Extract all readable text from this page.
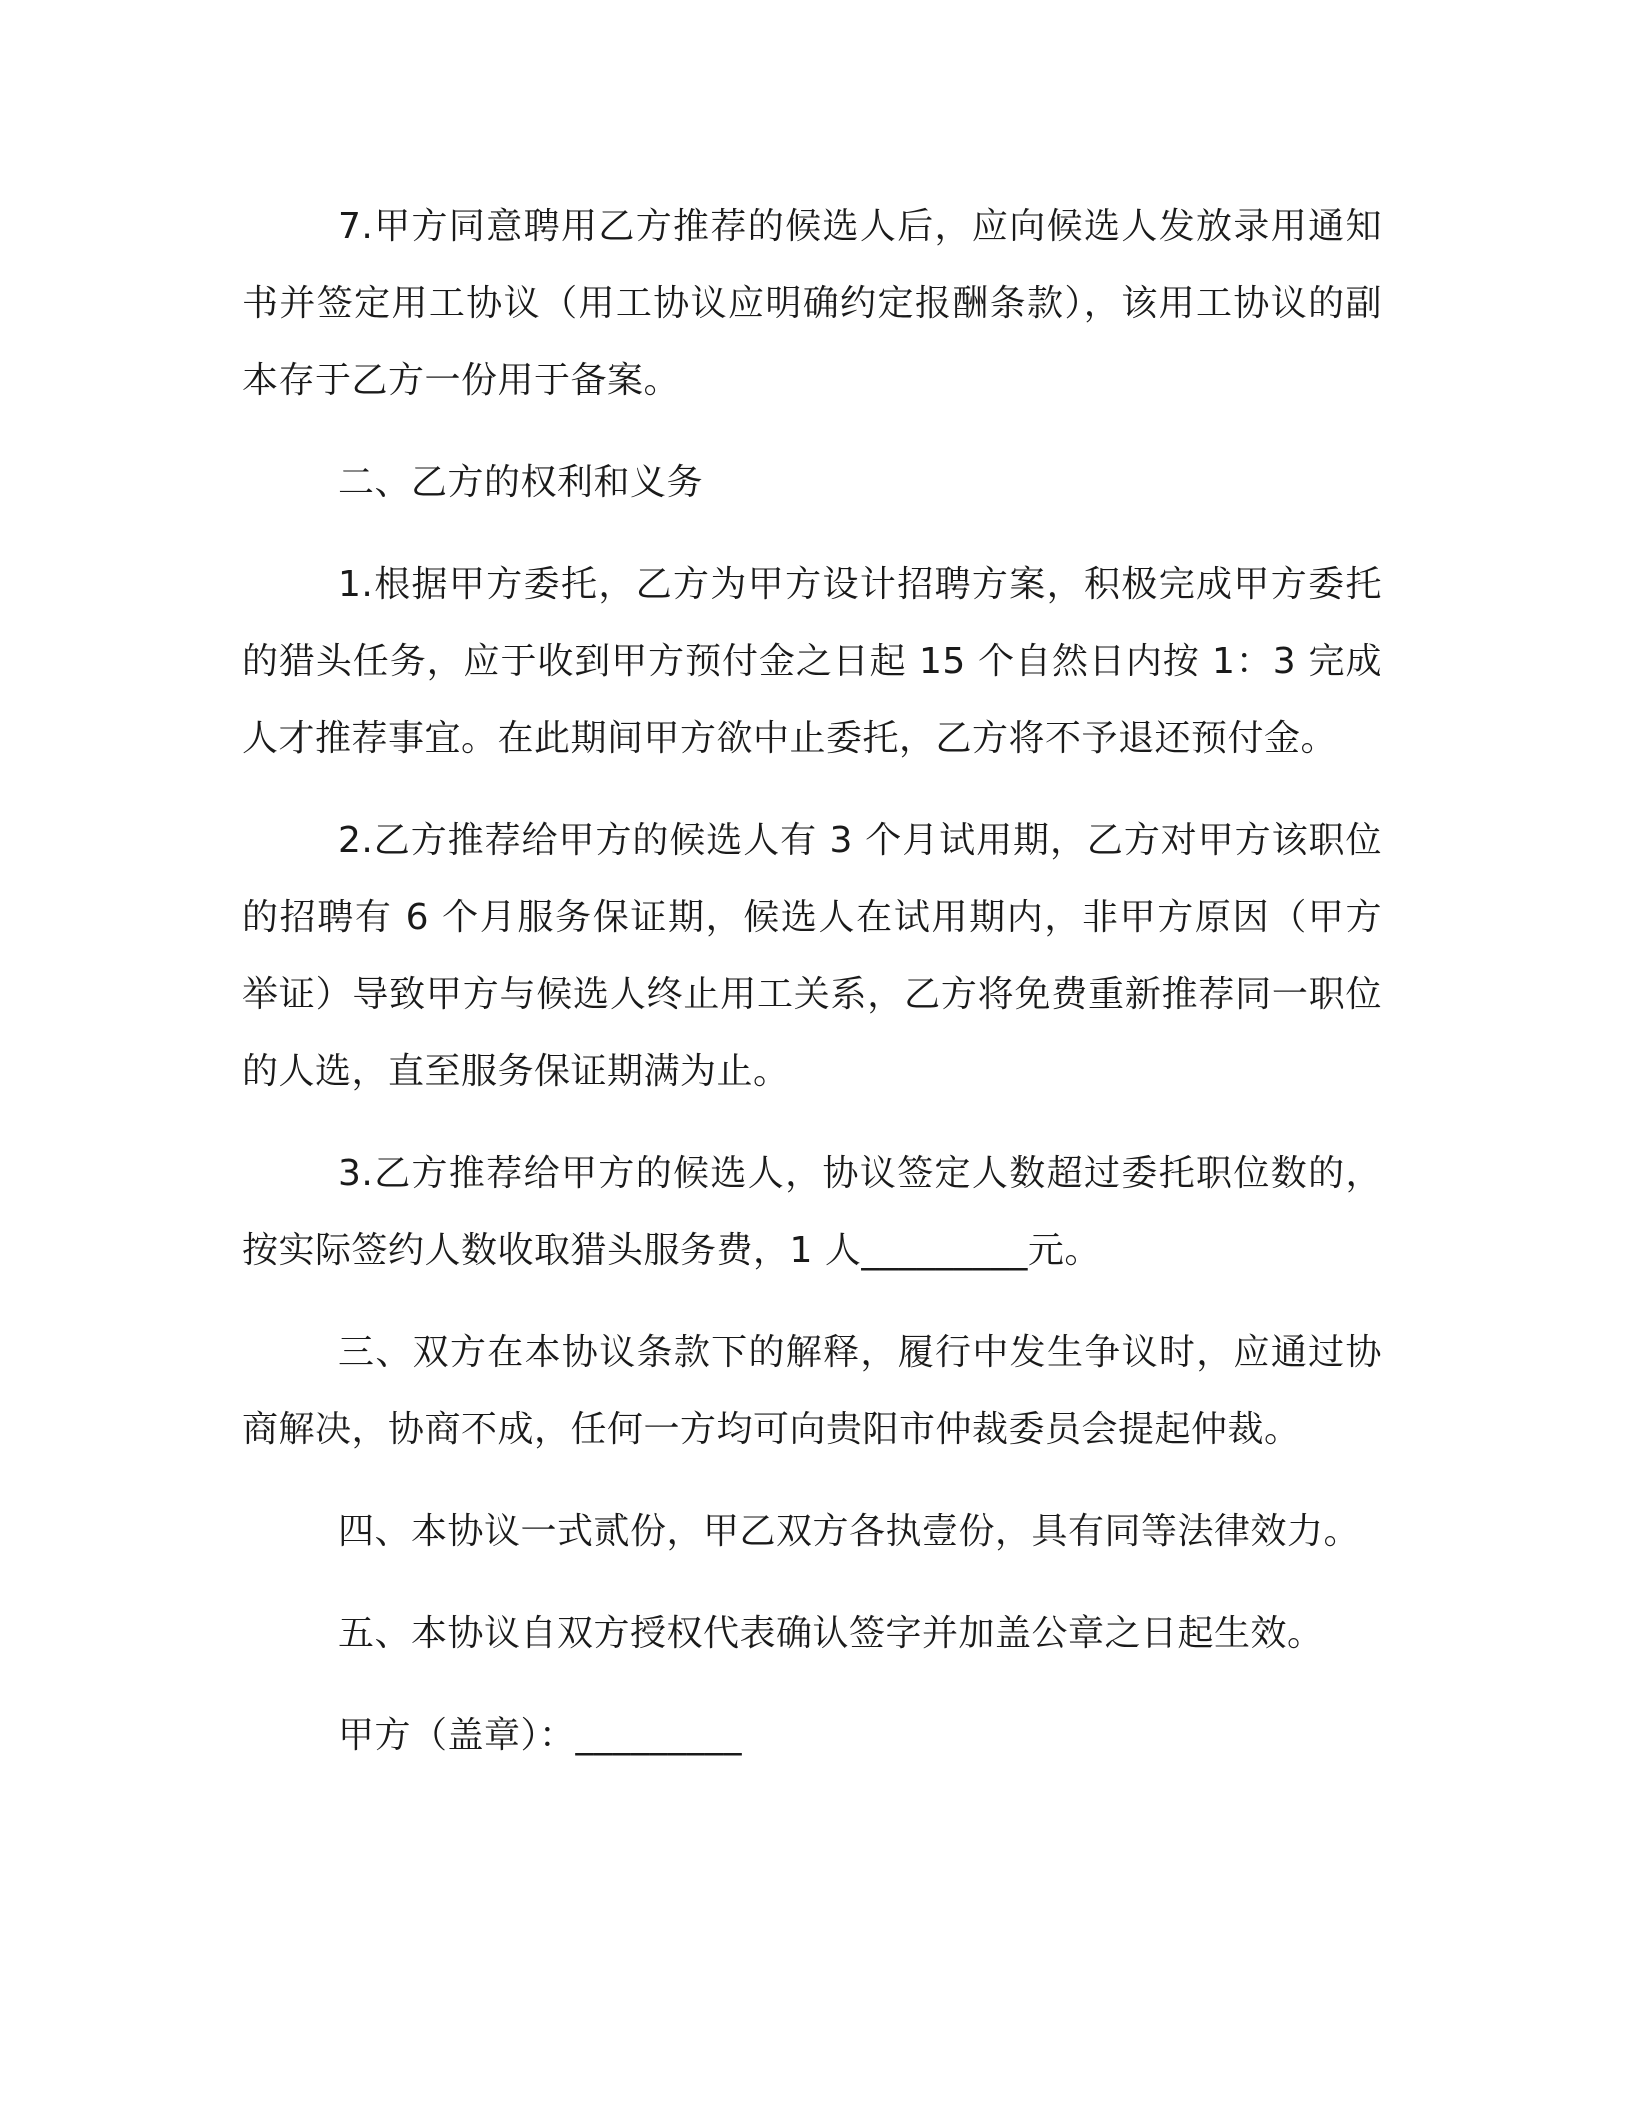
7.甲方同意聘用乙方推荐的候选人后，应向候选人发放录用通知书并签定用工协议（用工协议应明确约定报酬条款），该用工协议的副本存于乙方一份用于备案。

二、乙方的权利和义务

1.根据甲方委托，乙方为甲方设计招聘方案，积极完成甲方委托的猎头任务，应于收到甲方预付金之日起 15 个自然日内按 1：3 完成人才推荐事宜。在此期间甲方欲中止委托，乙方将不予退还预付金。

2.乙方推荐给甲方的候选人有 3 个月试用期，乙方对甲方该职位的招聘有 6 个月服务保证期，候选人在试用期内，非甲方原因（甲方举证）导致甲方与候选人终止用工关系，乙方将免费重新推荐同一职位的人选，直至服务保证期满为止。

3.乙方推荐给甲方的候选人，协议签定人数超过委托职位数的，按实际签约人数收取猎头服务费，1 人_________元。

三、双方在本协议条款下的解释，履行中发生争议时，应通过协商解决，协商不成，任何一方均可向贵阳市仲裁委员会提起仲裁。

四、本协议一式贰份，甲乙双方各执壹份，具有同等法律效力。

五、本协议自双方授权代表确认签字并加盖公章之日起生效。

甲方（盖章）：_________
